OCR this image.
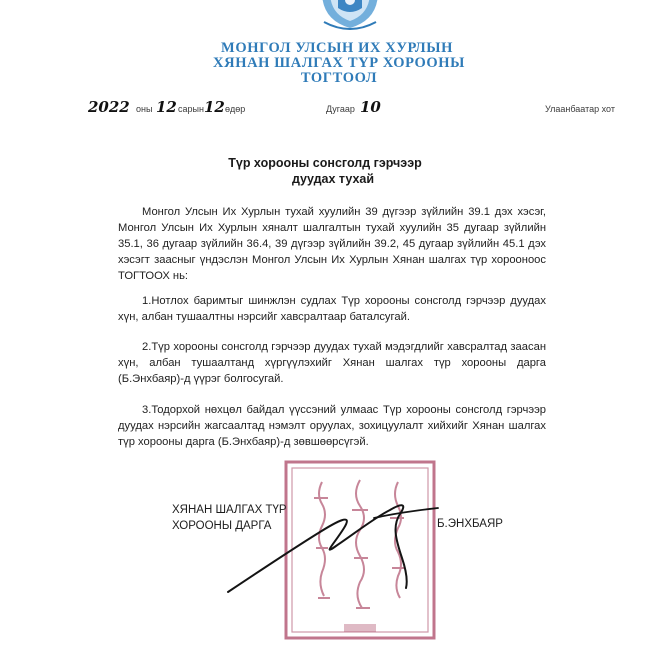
МОНГОЛ УЛСЫН ИХ ХУРЛЫН
ХЯНАН ШАЛГАХ ТҮР ХОРООНЫ
ТОГТООЛ
2022 оны 12 сарын 12 өдөр	Дугаар 10	Улаанбаатар хот
Түр хорооны сонсголд гэрчээр
дуудах тухай
Монгол Улсын Их Хурлын тухай хуулийн 39 дүгээр зүйлийн 39.1 дэх хэсэг, Монгол Улсын Их Хурлын хяналт шалгалтын тухай хуулийн 35 дугаар зүйлийн 35.1, 36 дугаар зүйлийн 36.4, 39 дүгээр зүйлийн 39.2, 45 дугаар зүйлийн 45.1 дэх хэсэгт заасныг үндэслэн Монгол Улсын Их Хурлын Хянан шалгах түр хорооноос ТОГТООХ нь:
1.Нотлох баримтыг шинжлэн судлах Түр хорооны сонсголд гэрчээр дуудах хүн, албан тушаалтны нэрсийг хавсралтаар баталсугай.
2.Түр хорооны сонсголд гэрчээр дуудах тухай мэдэгдлийг хавсралтад заасан хүн, албан тушаалтанд хүргүүлэхийг Хянан шалгах түр хорооны дарга (Б.Энхбаяр)-д үүрэг болгосугай.
3.Тодорхой нөхцөл байдал үүссэний улмаас Түр хорооны сонсголд гэрчээр дуудах нэрсийн жагсаалтад нэмэлт оруулах, зохицуулалт хийхийг Хянан шалгах түр хорооны дарга (Б.Энхбаяр)-д зөвшөөрсүгэй.
ХЯНАН ШАЛГАХ ТҮР
ХОРООНЫ ДАРГА	Б.ЭНХБАЯР
